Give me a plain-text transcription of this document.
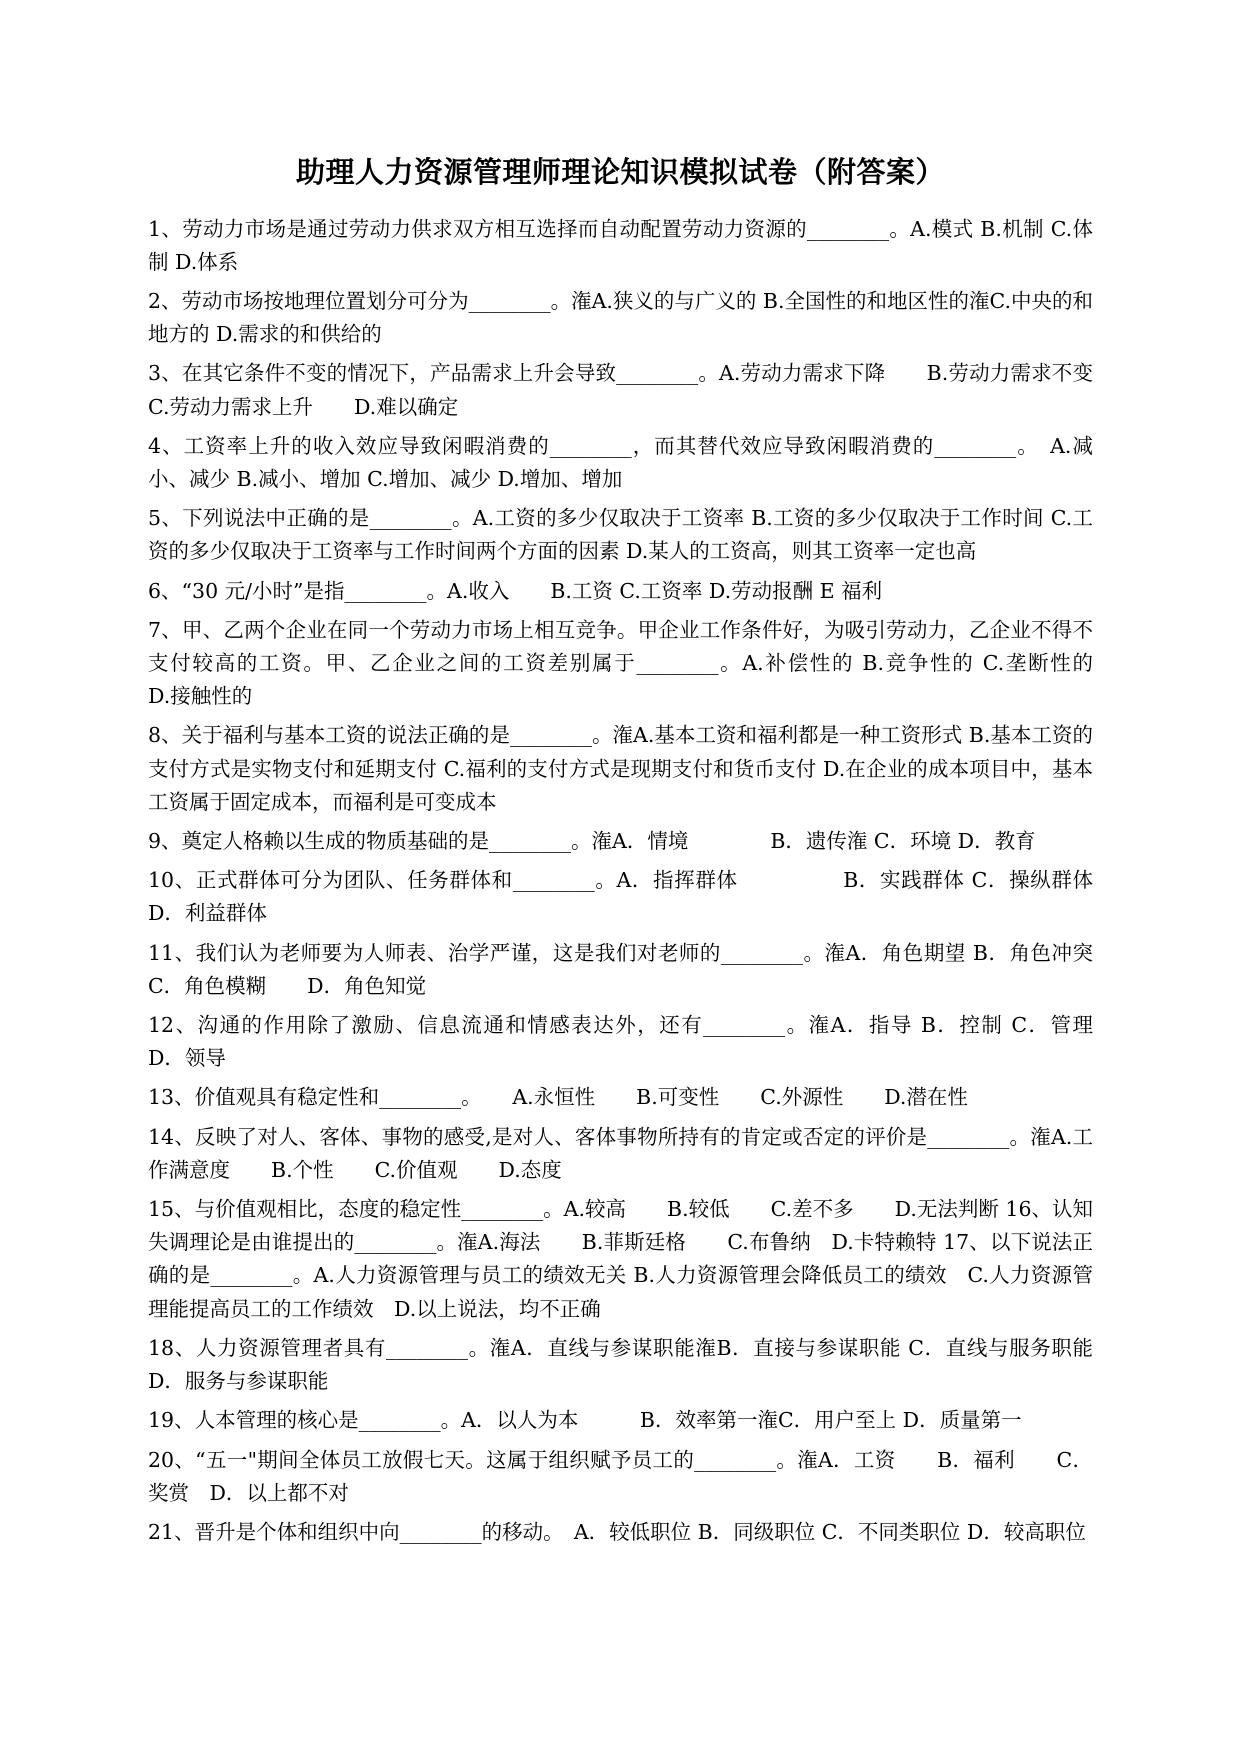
助理人力资源管理师理论知识模拟试卷（附答案）

1、劳动力市场是通过劳动力供求双方相互选择而自动配置劳动力资源的________。A.模式 B.机制 C.体制 D.体系

2、劳动市场按地理位置划分可分为________。潅A.狭义的与广义的 B.全国性的和地区性的潅C.中央的和地方的 D.需求的和供给的

3、在其它条件不变的情况下，产品需求上升会导致________。A.劳动力需求下降　　B.劳动力需求不变 C.劳动力需求上升　　D.难以确定

4、工资率上升的收入效应导致闲暇消费的________，而其替代效应导致闲暇消费的________。　A.减小、减少 B.减小、增加 C.增加、减少 D.增加、增加

5、下列说法中正确的是________。A.工资的多少仅取决于工资率 B.工资的多少仅取决于工作时间 C.工资的多少仅取决于工资率与工作时间两个方面的因素 D.某人的工资高，则其工资率一定也高

6、“30 元/小时”是指________。A.收入　　B.工资 C.工资率 D.劳动报酬 E 福利

7、甲、乙两个企业在同一个劳动力市场上相互竞争。甲企业工作条件好，为吸引劳动力，乙企业不得不支付较高的工资。甲、乙企业之间的工资差别属于________。A.补偿性的 B.竞争性的 C.垄断性的　　　　D.接触性的

8、关于福利与基本工资的说法正确的是________。潅A.基本工资和福利都是一种工资形式 B.基本工资的支付方式是实物支付和延期支付 C.福利的支付方式是现期支付和货币支付 D.在企业的成本项目中，基本工资属于固定成本，而福利是可变成本

9、奠定人格赖以生成的物质基础的是________。潅A．情境　　　　B．遗传潅 C．环境 D．教育

10、正式群体可分为团队、任务群体和________。A．指挥群体　　　　　B．实践群体 C．操纵群体　　　　D．利益群体

11、我们认为老师要为人师表、治学严谨，这是我们对老师的________。潅A．角色期望 B．角色冲突　C．角色模糊　　D．角色知觉

12、沟通的作用除了激励、信息流通和情感表达外，还有________。潅A．指导 B．控制 C．管理　　　D．领导

13、价值观具有稳定性和________。　　A.永恒性　　B.可变性　　C.外源性　　D.潜在性

14、反映了对人、客体、事物的感受,是对人、客体事物所持有的肯定或否定的评价是________。潅A.工作满意度　　B.个性　　C.价值观　　D.态度

15、与价值观相比，态度的稳定性________。A.较高　　B.较低　　C.差不多　　D.无法判断 16、认知失调理论是由谁提出的________。潅A.海法　　B.菲斯廷格　　C.布鲁纳　D.卡特赖特 17、以下说法正确的是________。A.人力资源管理与员工的绩效无关 B.人力资源管理会降低员工的绩效　C.人力资源管理能提高员工的工作绩效　D.以上说法，均不正确

18、人力资源管理者具有________。潅A．直线与参谋职能潅B．直接与参谋职能 C．直线与服务职能　D．服务与参谋职能

19、人本管理的核心是________。A．以人为本　　　B．效率第一潅C．用户至上 D．质量第一

20、“五一"期间全体员工放假七天。这属于组织赋予员工的________。潅A．工资　　B．福利　　C．奖赏　D．以上都不对

21、晋升是个体和组织中向________的移动。　A．较低职位 B．同级职位 C．不同类职位 D．较高职位
